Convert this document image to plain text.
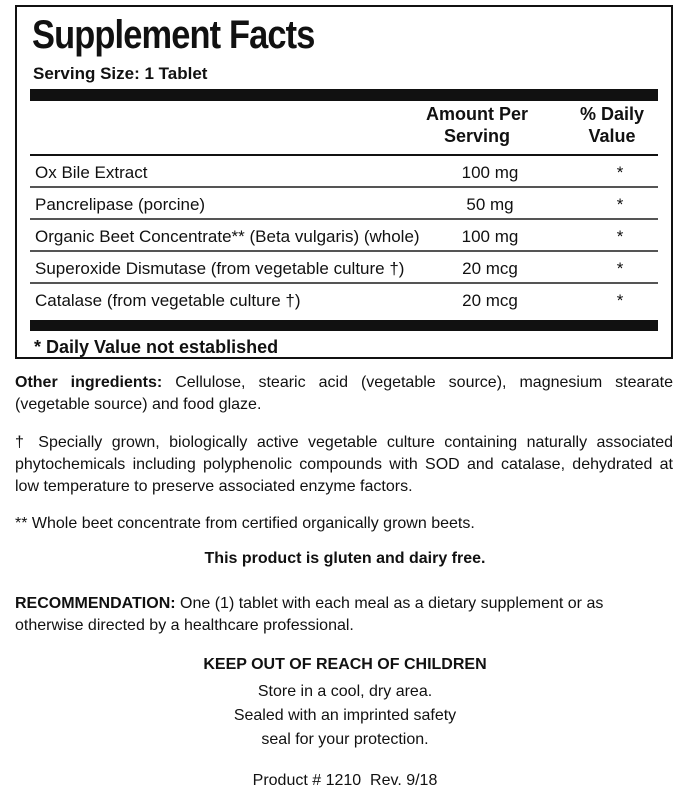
Supplement Facts
Serving Size: 1 Tablet
Amount Per
Serving
% Daily
Value
Ox Bile Extract	100 mg	*
Pancrelipase (porcine)	50 mg	*
Organic Beet Concentrate** (Beta vulgaris) (whole)	100 mg	*
Superoxide Dismutase (from vegetable culture †)	20 mcg	*
Catalase (from vegetable culture †)	20 mcg	*
* Daily Value not established
Other ingredients: Cellulose, stearic acid (vegetable source), magnesium stearate (vegetable source) and food glaze.
† Specially grown, biologically active vegetable culture containing naturally associated phytochemicals including polyphenolic compounds with SOD and catalase, dehydrated at low temperature to preserve associated enzyme factors.
** Whole beet concentrate from certified organically grown beets.
This product is gluten and dairy free.
RECOMMENDATION: One (1) tablet with each meal as a dietary supplement or as otherwise directed by a healthcare professional.
KEEP OUT OF REACH OF CHILDREN
Store in a cool, dry area.
Sealed with an imprinted safety
seal for your protection.
Product # 1210  Rev. 9/18
